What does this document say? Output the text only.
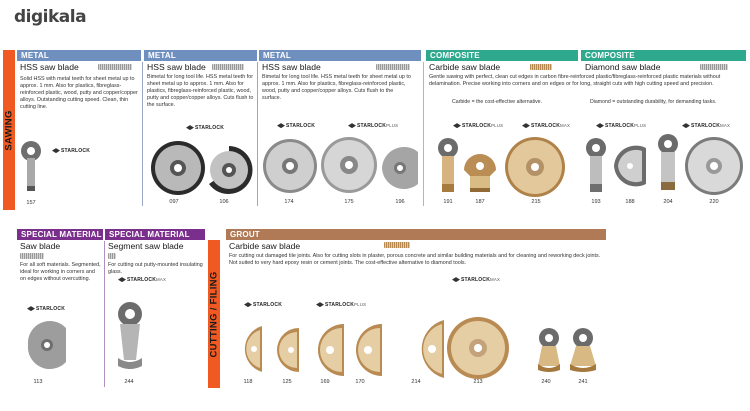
digikala
SAWING
CUTTING / FILING
METAL	METAL	METAL	COMPOSITE	COMPOSITE
HSS saw blade
Solid HSS with metal teeth for sheet metal up to approx. 1 mm. Also for plastics, fibreglass-reinforced plastic, wood, putty and copper/copper alloys. Outstanding cutting speed. Clean, thin cutting line.
HSS saw blade
Bimetal for long tool life. HSS metal teeth for sheet metal up to approx. 1 mm. Also for plastics, fibreglass-reinforced plastic, wood, putty and copper/copper alloys. Cuts flush to the surface.
HSS saw blade
Bimetal for long tool life. HSS metal teeth for sheet metal up to approx. 1 mm. Also for plastics, fibreglass-reinforced plastic, wood, putty and copper/copper alloys. Cuts flush to the surface.
Carbide saw blade	Diamond saw blade
Gentle sawing with perfect, clean cut edges in carbon fibre-reinforced plastic/fibreglass-reinforced plastic materials without delamination. Precise working into corners and on edges or for long, straight cuts with high cutting speed and precision.
Carbide = the cost-effective alternative.	Diamond = outstanding durability, for demanding tasks.
STARLOCK
STARLOCK	STARLOCK	STARLOCKPLUS	STARLOCKPLUS	STARLOCKMAX	STARLOCKPLUS	STARLOCKMAX
157	097	106	174	175	196	191	187	215	193	188	204	220
SPECIAL MATERIAL SPECIAL MATERIAL	GROUT
Saw blade
For all soft materials. Segmented, ideal for working in corners and on edges without overcutting.
Segment saw blade
For cutting out putty-mounted insulating glass.
Carbide saw blade
For cutting out damaged tile joints. Also for cutting slots in plaster, porous concrete and similar building materials and for cleaning and reworking deck joints. Not suited to very hard epoxy resin or cement joints. The cost-effective alternative to diamond tools.
STARLOCK
STARLOCKMAX
STARLOCK	STARLOCKPLUS
STARLOCKMAX
113	244	118	125	169	170	214	213	240	241
